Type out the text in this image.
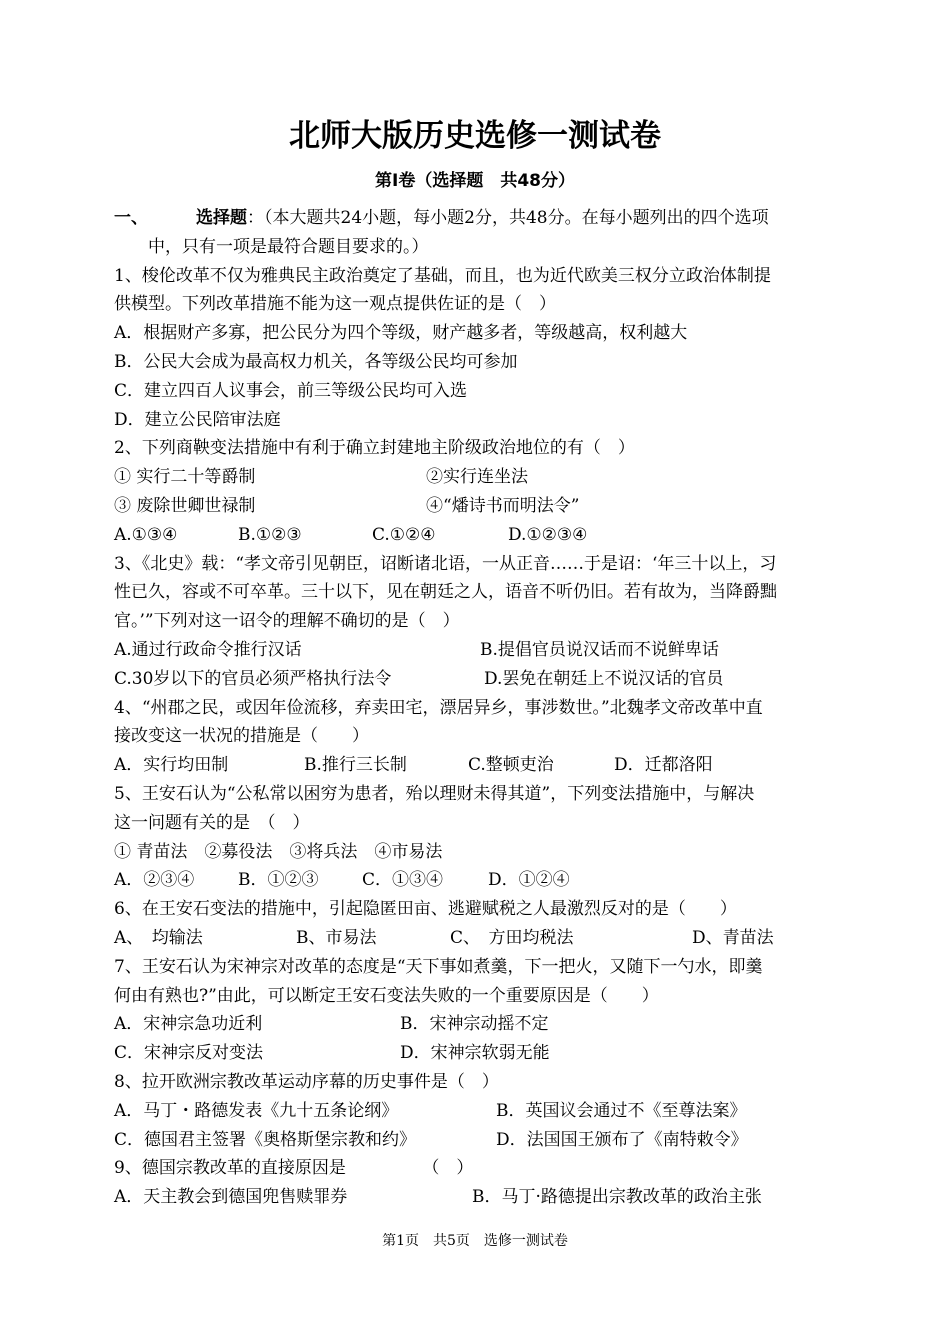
北师大版历史选修一测试卷
第Ⅰ卷（选择题　共48分）
一、	选择题：（本大题共24小题，每小题2分，共48分。在每小题列出的四个选项
中，只有一项是最符合题目要求的。）
1、梭伦改革不仅为雅典民主政治奠定了基础，而且，也为近代欧美三权分立政治体制提
供模型。下列改革措施不能为这一观点提供佐证的是（　）
A．根据财产多寡，把公民分为四个等级，财产越多者，等级越高，权利越大
B．公民大会成为最高权力机关，各等级公民均可参加
C．建立四百人议事会，前三等级公民均可入选
D．建立公民陪审法庭
2、下列商鞅变法措施中有利于确立封建地主阶级政治地位的有（　）
① 实行二十等爵制	②实行连坐法
③ 废除世卿世禄制	④“燔诗书而明法令”
A.①③④	B.①②③	C.①②④	D.①②③④
3、《北史》载：“孝文帝引见朝臣，诏断诸北语，一从正音……于是诏：‘年三十以上，习
性已久，容或不可卒革。三十以下，见在朝廷之人，语音不听仍旧。若有故为，当降爵黜
官。’”下列对这一诏令的理解不确切的是（　）
A.通过行政命令推行汉话	B.提倡官员说汉话而不说鲜卑话
C.30岁以下的官员必须严格执行法令	D.罢免在朝廷上不说汉话的官员
4、“州郡之民，或因年俭流移，弃卖田宅，漂居异乡，事涉数世。”北魏孝文帝改革中直
接改变这一状况的措施是（　　）
A．实行均田制	B.推行三长制	C.整顿吏治	D．迁都洛阳
5、王安石认为“公私常以困穷为患者，殆以理财未得其道”，下列变法措施中，与解决
这一问题有关的是　（　）
① 青苗法　②募役法　③将兵法　④市易法
A．②③④	B．①②③	C．①③④	D．①②④
6、在王安石变法的措施中，引起隐匿田亩、逃避赋税之人最激烈反对的是（　　）
A、　均输法	B、市易法	C、　方田均税法	D、青苗法
7、王安石认为宋神宗对改革的态度是“天下事如煮羹，下一把火，又随下一勺水，即羹
何由有熟也?”由此，可以断定王安石变法失败的一个重要原因是（　　）
A．宋神宗急功近利	B．宋神宗动摇不定
C．宋神宗反对变法	D．宋神宗软弱无能
8、拉开欧洲宗教改革运动序幕的历史事件是（　）
A．马丁・路德发表《九十五条论纲》	B．英国议会通过不《至尊法案》
C．德国君主签署《奥格斯堡宗教和约》	D．法国国王颁布了《南特敕令》
9、德国宗教改革的直接原因是　　　　　（　）
A．天主教会到德国兜售赎罪券	B．马丁·路德提出宗教改革的政治主张
第1页　共5页　选修一测试卷
